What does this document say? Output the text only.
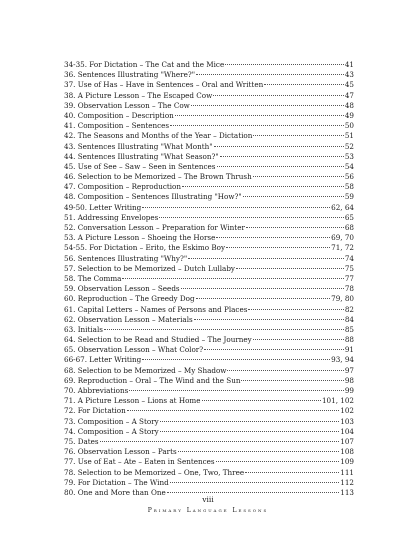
34-35. For Dictation – The Cat and the Mice	41
36. Sentences Illustrating "Where?"	43
37. Use of Has – Have in Sentences – Oral and Written	45
38. A Picture Lesson – The Escaped Cow	47
39. Observation Lesson – The Cow	48
40. Composition – Description	49
41. Composition – Sentences	50
42. The Seasons and Months of the Year – Dictation	51
43. Sentences Illustrating "What Month"	52
44. Sentences Illustrating "What Season?"	53
45. Use of See – Saw – Seen in Sentences	54
46. Selection to be Memorized – The Brown Thrush	56
47. Composition – Reproduction	58
48. Composition – Sentences Illustrating "How?"	59
49-50. Letter Writing	62, 64
51. Addressing Envelopes	65
52. Conversation Lesson – Preparation for Winter	68
53. A Picture Lesson – Shoeing the Horse	69, 70
54-55. For Dictation – Erito, the Eskimo Boy	71, 72
56. Sentences Illustrating "Why?"	74
57. Selection to be Memorized – Dutch Lullaby	75
58. The Comma	77
59. Observation Lesson – Seeds	78
60. Reproduction – The Greedy Dog	79, 80
61. Capital Letters – Names of Persons and Places	82
62. Observation Lesson – Materials	84
63. Initials	85
64. Selection to be Read and Studied – The Journey	88
65. Observation Lesson – What Color?	91
66-67. Letter Writing	93, 94
68. Selection to be Memorized – My Shadow	97
69. Reproduction – Oral – The Wind and the Sun	98
70. Abbreviations	99
71. A Picture Lesson – Lions at Home	101, 102
72. For Dictation	102
73. Composition – A Story	103
74. Composition – A Story	104
75. Dates	107
76. Observation Lesson – Parts	108
77. Use of Eat – Ate – Eaten in Sentences	109
78. Selection to be Memorized – One, Two, Three	111
79. For Dictation – The Wind	112
80. One and More than One	113
viii
Primary Language Lessons
